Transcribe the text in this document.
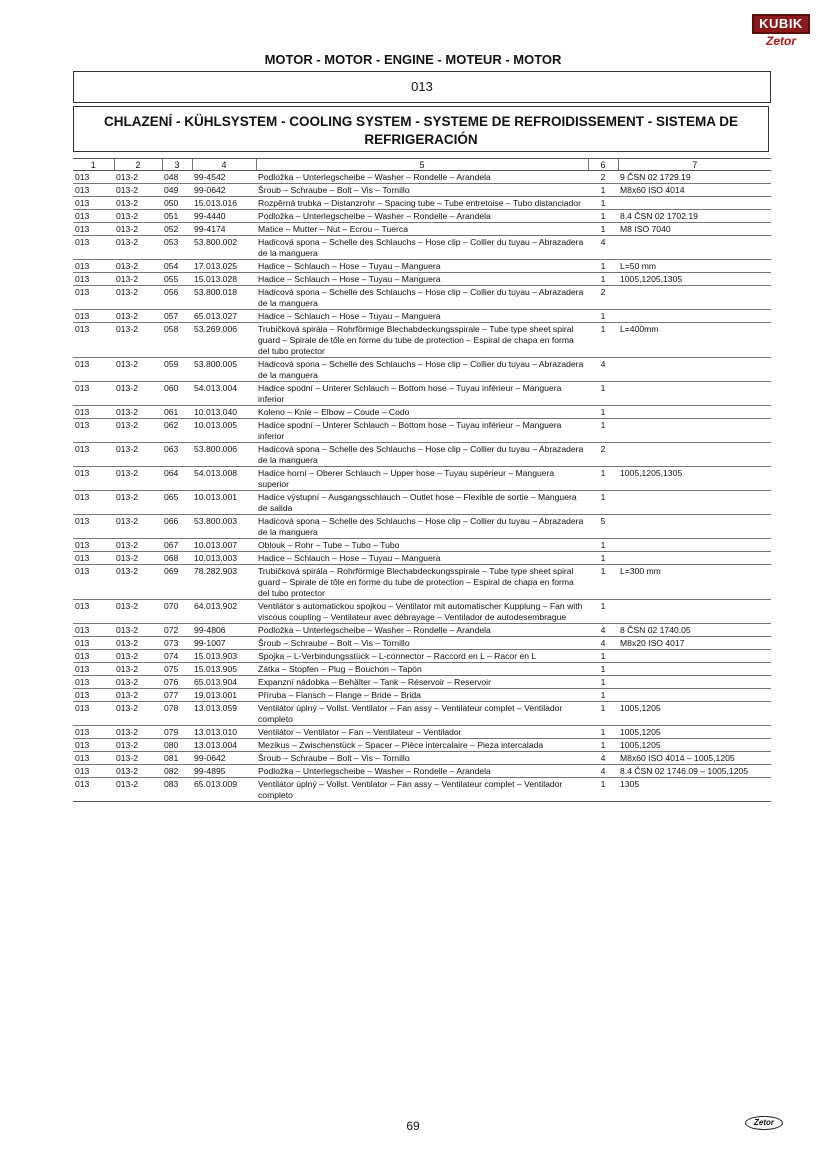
KUBIK
Zetor
MOTOR - MOTOR - ENGINE - MOTEUR - MOTOR
013
CHLAZENÍ - KÜHLSYSTEM - COOLING SYSTEM - SYSTEME DE REFROIDISSEMENT - SISTEMA DE REFRIGERACIÓN
1	2	3	4	5	6	7
013	013-2	048	99-4542	Podložka – Unterlegscheibe – Washer – Rondelle – Arandela	2	9 ČSN 02 1729.19
013	013-2	049	99-0642	Šroub – Schraube – Bolt – Vis – Tornillo	1	M8x60 ISO 4014
013	013-2	050	15.013.016	Rozpěrná trubka – Distanzrohr – Spacing tube – Tube entretoise – Tubo distanciador	1	
013	013-2	051	99-4440	Podložka – Unterlegscheibe – Washer – Rondelle – Arandela	1	8.4 ČSN 02 1702.19
013	013-2	052	99-4174	Matice – Mutter – Nut – Ecrou – Tuerca	1	M8 ISO 7040
013	013-2	053	53.800.002	Hadicová spona – Schelle des Schlauchs – Hose clip – Collier du tuyau – Abrazadera de la manguera	4	
013	013-2	054	17.013.025	Hadice – Schlauch – Hose – Tuyau – Manguera	1	L=50 mm
013	013-2	055	15.013.028	Hadice – Schlauch – Hose – Tuyau – Manguera	1	1005,1205,1305
013	013-2	056	53.800.018	Hadicová spona – Schelle des Schlauchs – Hose clip – Collier du tuyau – Abrazadera de la manguera	2	
013	013-2	057	65.013.027	Hadice – Schlauch – Hose – Tuyau – Manguera	1	
013	013-2	058	53.269.006	Trubičková spirála – Rohrförmige Blechabdeckungsspirale – Tube type sheet spiral guard – Spirale de tôle en forme du tube de protection – Espiral de chapa en forma del tubo protector	1	L=400mm
013	013-2	059	53.800.005	Hadicová spona – Schelle des Schlauchs – Hose clip – Collier du tuyau – Abrazadera de la manguera	4	
013	013-2	060	54.013.004	Hadice spodní – Unterer Schlauch – Bottom hose – Tuyau inférieur – Manguera inferior	1	
013	013-2	061	10.013.040	Koleno – Knie – Elbow – Coude – Codo	1	
013	013-2	062	10.013.005	Hadice spodní – Unterer Schlauch – Bottom hose – Tuyau inférieur – Manguera inferior	1	
013	013-2	063	53.800.006	Hadicová spona – Schelle des Schlauchs – Hose clip – Collier du tuyau – Abrazadera de la manguera	2	
013	013-2	064	54.013.008	Hadice horní – Oberer Schlauch – Upper hose – Tuyau supérieur – Manguera superior	1	1005,1205,1305
013	013-2	065	10.013.001	Hadice výstupní – Ausgangsschlauch – Outlet hose – Flexible de sortie – Manguera de salida	1	
013	013-2	066	53.800.003	Hadicová spona – Schelle des Schlauchs – Hose clip – Collier du tuyau – Abrazadera de la manguera	5	
013	013-2	067	10.013.007	Oblouk – Rohr – Tube – Tubo – Tubo	1	
013	013-2	068	10.013.003	Hadice – Schlauch – Hose – Tuyau – Manguera	1	
013	013-2	069	78.282.903	Trubičková spirála – Rohrförmige Blechabdeckungsspirale – Tube type sheet spiral guard – Spirale de tôle en forme du tube de protection – Espiral de chapa en forma del tubo protector	1	L=300 mm
013	013-2	070	64.013.902	Ventilátor s automatickou spojkou – Ventilator mit automatischer Kupplung – Fan with viscous coupling – Ventilateur avec débrayage – Ventilador de autodesembrague	1	
013	013-2	072	99-4806	Podložka – Unterlegscheibe – Washer – Rondelle – Arandela	4	8 ČSN 02 1740.05
013	013-2	073	99-1007	Šroub – Schraube – Bolt – Vis – Tornillo	4	M8x20 ISO 4017
013	013-2	074	15.013.903	Spojka – L-Verbindungsstück – L-connector – Raccord en L – Racor en L	1	
013	013-2	075	15.013.905	Zátka – Stopfen – Plug – Bouchon – Tapón	1	
013	013-2	076	65.013.904	Expanzní nádobka – Behälter – Tank – Réservoir – Reservoir	1	
013	013-2	077	19.013.001	Příruba – Flansch – Flange – Bride – Brida	1	
013	013-2	078	13.013.059	Ventilátor úplný – Vollst. Ventilator – Fan assy – Ventilateur complet – Ventilador completo	1	1005,1205
013	013-2	079	13.013.010	Ventilátor – Ventilator – Fan – Ventilateur – Ventilador	1	1005,1205
013	013-2	080	13.013.004	Mezikus – Zwischenstück – Spacer – Pièce intercalaire – Pieza intercalada	1	1005,1205
013	013-2	081	99-0642	Šroub – Schraube – Bolt – Vis – Tornillo	4	M8x60 ISO 4014 – 1005,1205
013	013-2	082	99-4895	Podložka – Unterlegscheibe – Washer – Rondelle – Arandela	4	8.4 ČSN 02 1746.09 – 1005,1205
013	013-2	083	65.013.009	Ventilátor úplný – Vollst. Ventilator – Fan assy – Ventilateur complet – Ventilador completo	1	1305
69	Zetor
